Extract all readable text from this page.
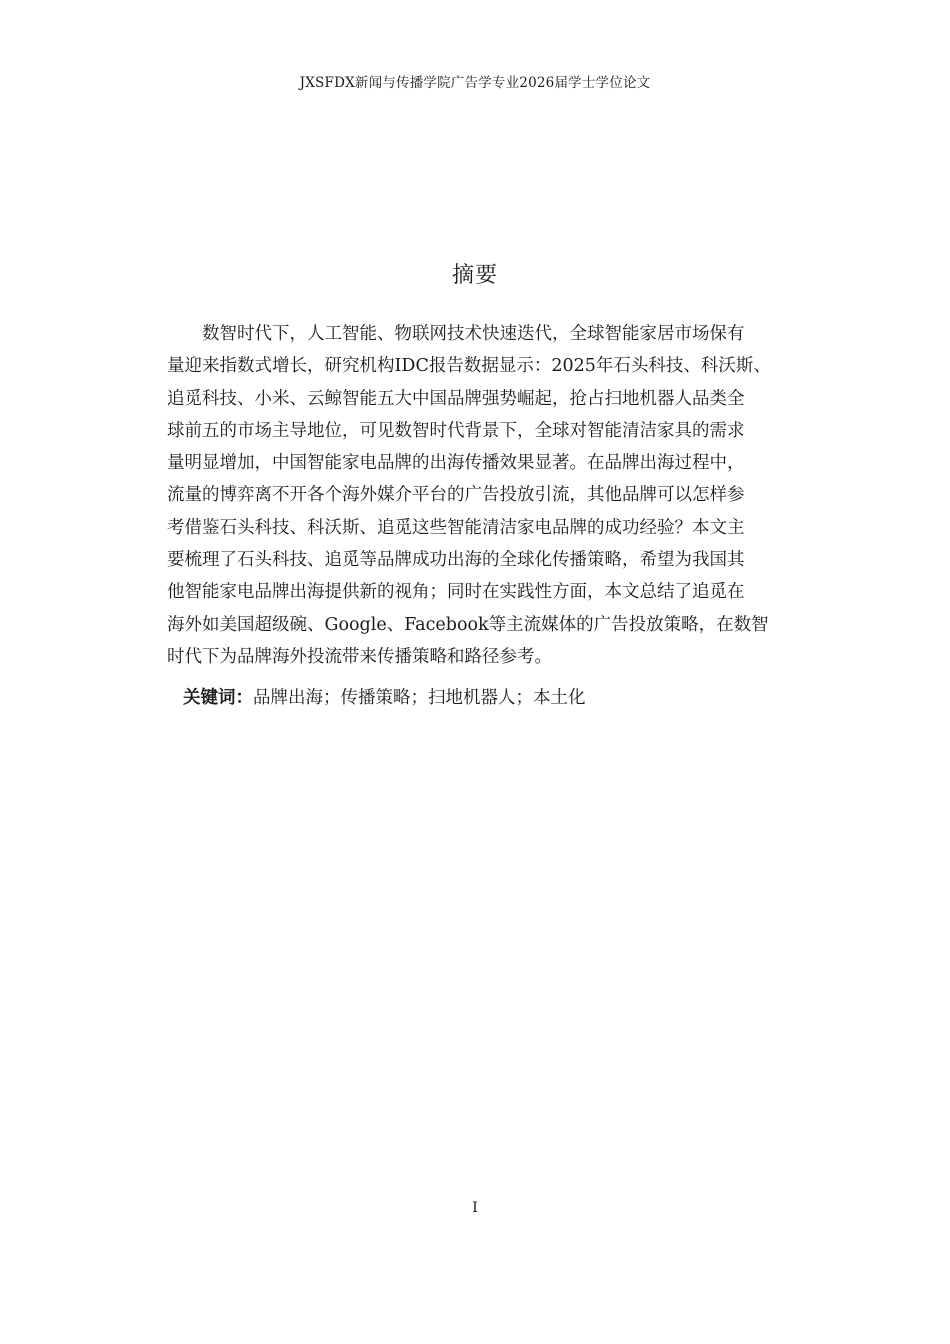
JXSFDX新闻与传播学院广告学专业2026届学士学位论文
摘要
数智时代下，人工智能、物联网技术快速迭代，全球智能家居市场保有
量迎来指数式增长，研究机构IDC报告数据显示：2025年石头科技、科沃斯、
追觅科技、小米、云鲸智能五大中国品牌强势崛起，抢占扫地机器人品类全
球前五的市场主导地位，可见数智时代背景下，全球对智能清洁家具的需求
量明显增加，中国智能家电品牌的出海传播效果显著。在品牌出海过程中，
流量的博弈离不开各个海外媒介平台的广告投放引流，其他品牌可以怎样参
考借鉴石头科技、科沃斯、追觅这些智能清洁家电品牌的成功经验？本文主
要梳理了石头科技、追觅等品牌成功出海的全球化传播策略，希望为我国其
他智能家电品牌出海提供新的视角；同时在实践性方面，本文总结了追觅在
海外如美国超级碗、Google、Facebook等主流媒体的广告投放策略，在数智
时代下为品牌海外投流带来传播策略和路径参考。
关键词：品牌出海；传播策略；扫地机器人；本土化
I
